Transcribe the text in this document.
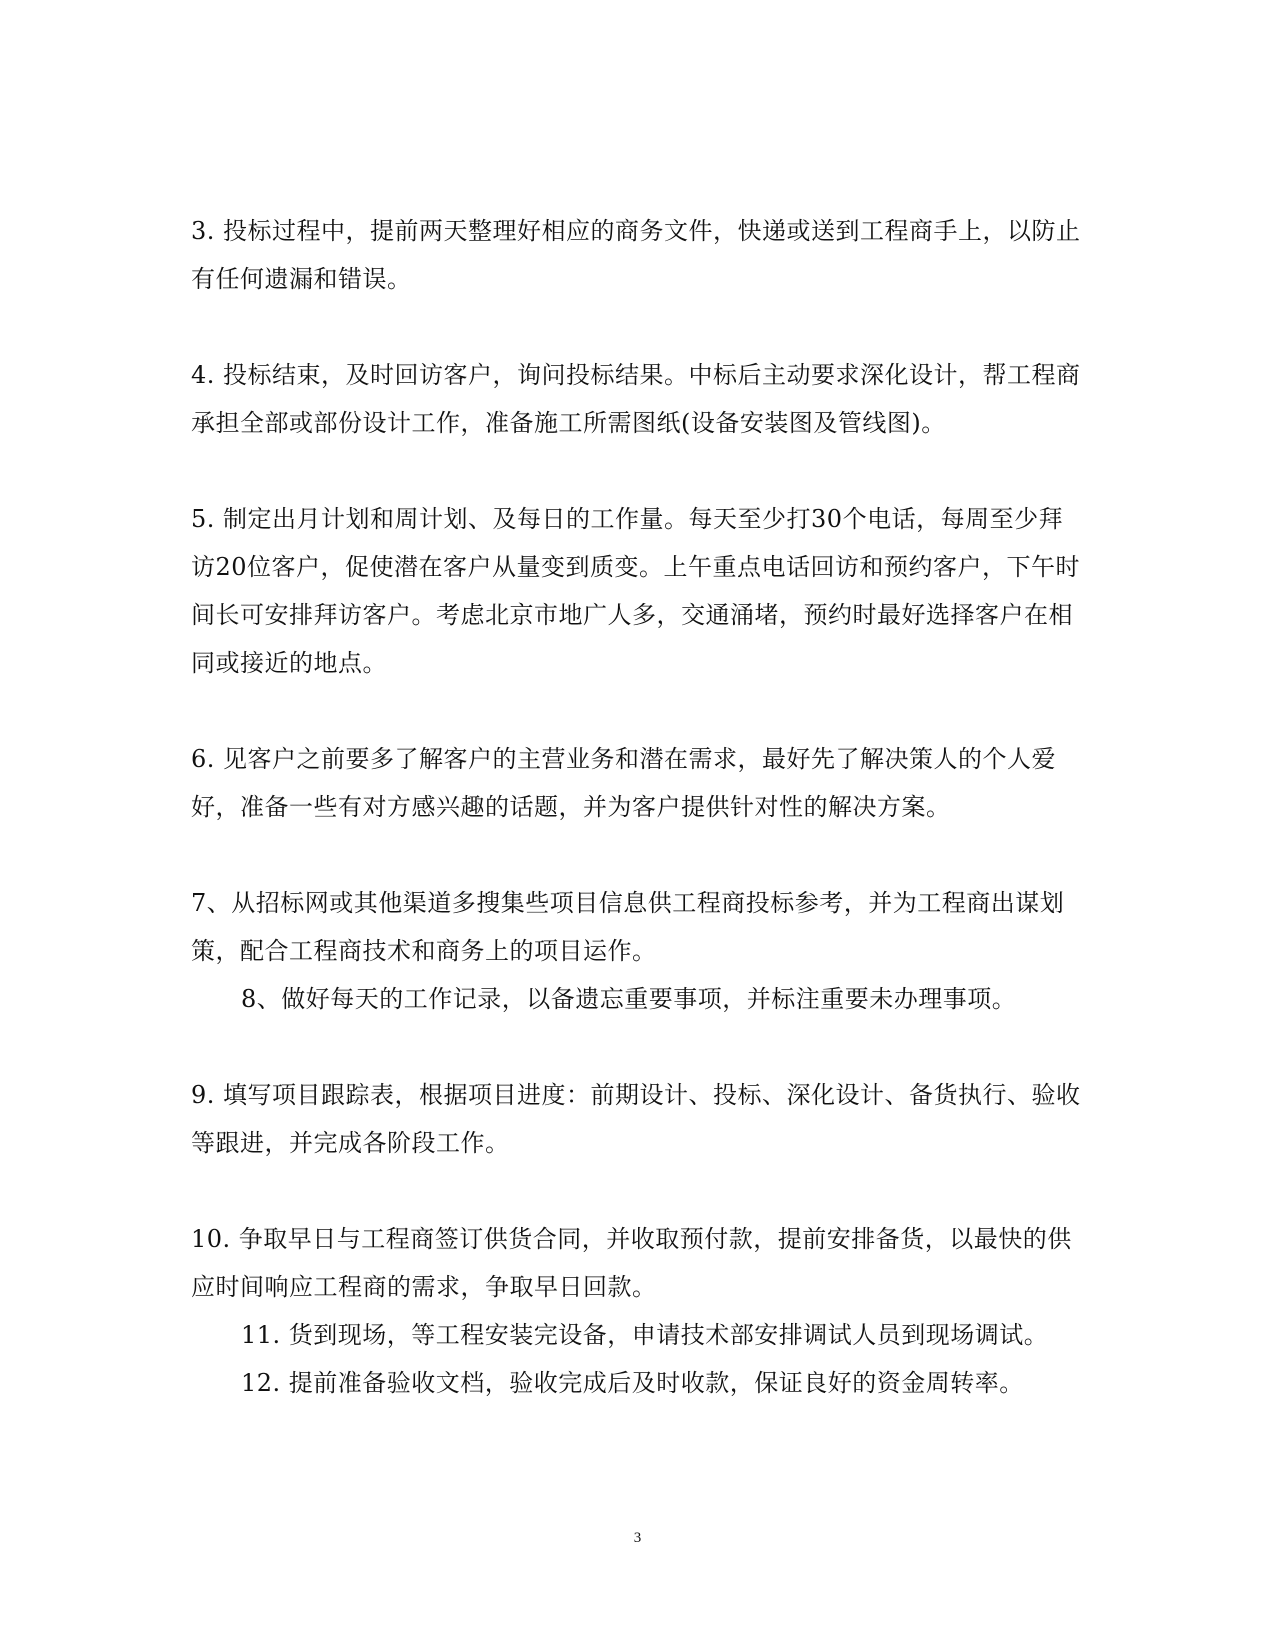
3. 投标过程中，提前两天整理好相应的商务文件，快递或送到工程商手上，以防止有任何遗漏和错误。

4. 投标结束，及时回访客户，询问投标结果。中标后主动要求深化设计，帮工程商承担全部或部份设计工作，准备施工所需图纸(设备安装图及管线图)。

5. 制定出月计划和周计划、及每日的工作量。每天至少打30个电话，每周至少拜访20位客户，促使潜在客户从量变到质变。上午重点电话回访和预约客户，下午时间长可安排拜访客户。考虑北京市地广人多，交通涌堵，预约时最好选择客户在相同或接近的地点。

6. 见客户之前要多了解客户的主营业务和潜在需求，最好先了解决策人的个人爱好，准备一些有对方感兴趣的话题，并为客户提供针对性的解决方案。

7、从招标网或其他渠道多搜集些项目信息供工程商投标参考，并为工程商出谋划策，配合工程商技术和商务上的项目运作。

8、做好每天的工作记录，以备遗忘重要事项，并标注重要未办理事项。

9. 填写项目跟踪表，根据项目进度：前期设计、投标、深化设计、备货执行、验收等跟进，并完成各阶段工作。

10. 争取早日与工程商签订供货合同，并收取预付款，提前安排备货，以最快的供应时间响应工程商的需求，争取早日回款。

11. 货到现场，等工程安装完设备，申请技术部安排调试人员到现场调试。

12. 提前准备验收文档，验收完成后及时收款，保证良好的资金周转率。

3
